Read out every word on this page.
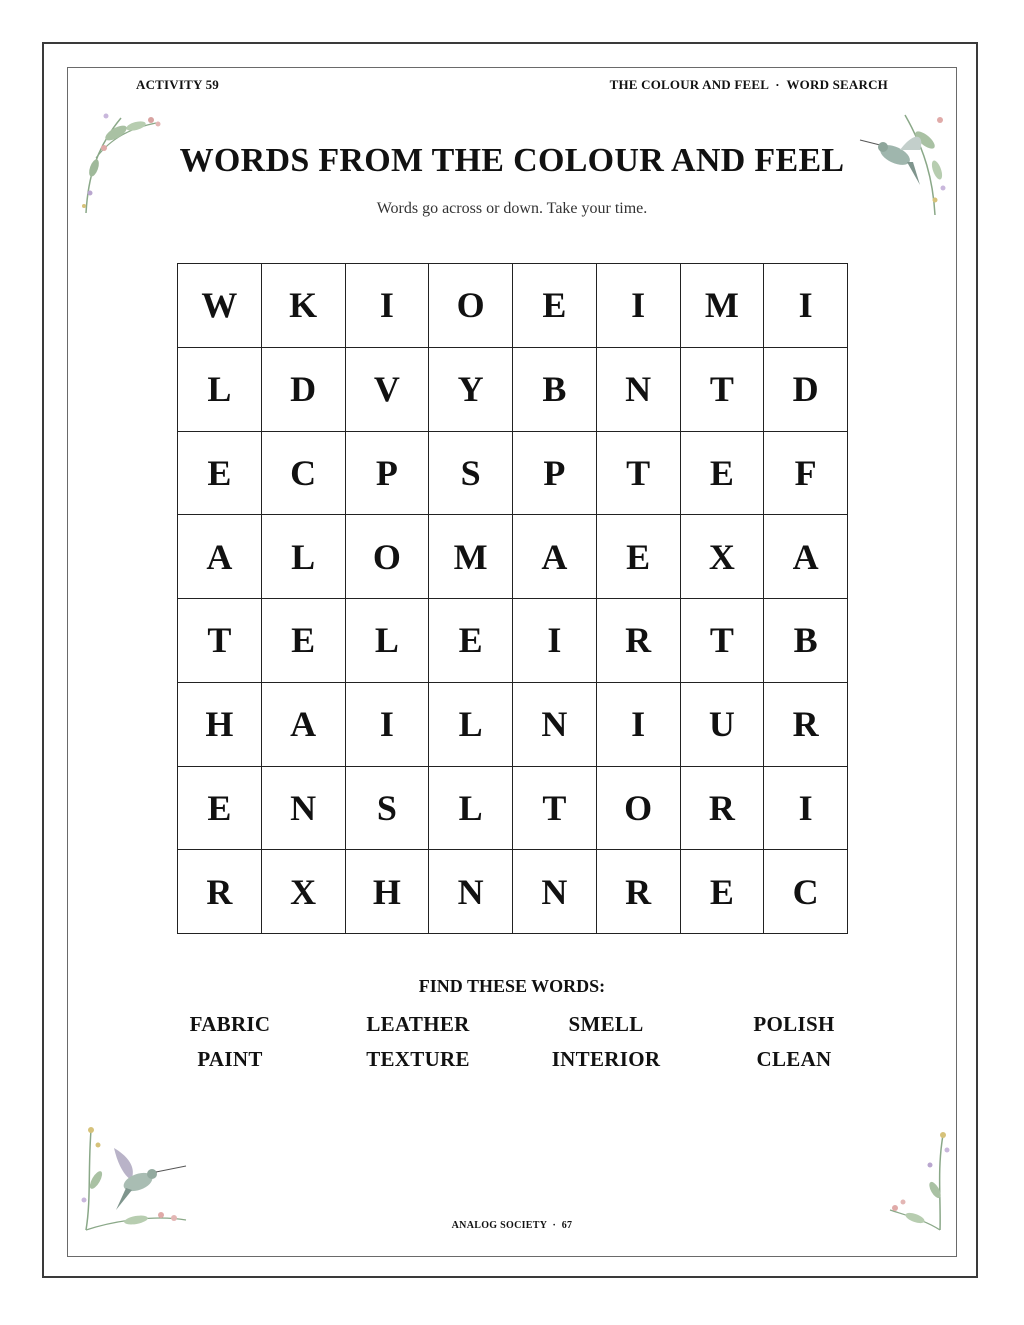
ACTIVITY 59	THE COLOUR AND FEEL  ·  WORD SEARCH
WORDS FROM THE COLOUR AND FEEL
Words go across or down. Take your time.
W	K	I	O	E	I	M	I
L	D	V	Y	B	N	T	D
E	C	P	S	P	T	E	F
A	L	O	M	A	E	X	A
T	E	L	E	I	R	T	B
H	A	I	L	N	I	U	R
E	N	S	L	T	O	R	I
R	X	H	N	N	R	E	C
FIND THESE WORDS:
FABRIC	LEATHER	SMELL	POLISH
PAINT	TEXTURE	INTERIOR	CLEAN
ANALOG SOCIETY  ·  67
